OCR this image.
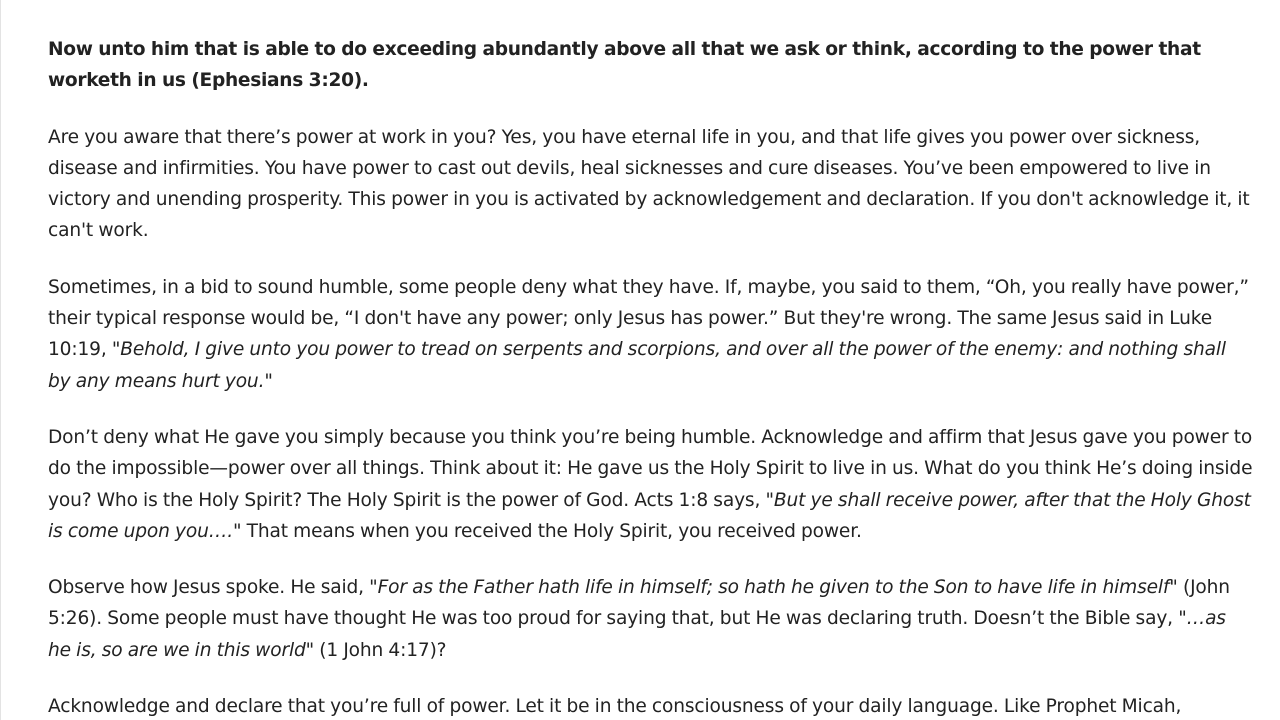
Now unto him that is able to do exceeding abundantly above all that we ask or think, according to the power that worketh in us (Ephesians 3:20).

Are you aware that there’s power at work in you? Yes, you have eternal life in you, and that life gives you power over sickness, disease and infirmities. You have power to cast out devils, heal sicknesses and cure diseases. You’ve been empowered to live in victory and unending prosperity. This power in you is activated by acknowledgement and declaration. If you don't acknowledge it, it can't work.

Sometimes, in a bid to sound humble, some people deny what they have. If, maybe, you said to them, “Oh, you really have power,” their typical response would be, “I don't have any power; only Jesus has power.” But they're wrong. The same Jesus said in Luke 10:19, "Behold, I give unto you power to tread on serpents and scorpions, and over all the power of the enemy: and nothing shall by any means hurt you."

Don’t deny what He gave you simply because you think you’re being humble. Acknowledge and affirm that Jesus gave you power to do the impossible—power over all things. Think about it: He gave us the Holy Spirit to live in us. What do you think He’s doing inside you? Who is the Holy Spirit? The Holy Spirit is the power of God. Acts 1:8 says, "But ye shall receive power, after that the Holy Ghost is come upon you…." That means when you received the Holy Spirit, you received power.

Observe how Jesus spoke. He said, "For as the Father hath life in himself; so hath he given to the Son to have life in himself" (John 5:26). Some people must have thought He was too proud for saying that, but He was declaring truth. Doesn’t the Bible say, "…as he is, so are we in this world" (1 John 4:17)?

Acknowledge and declare that you’re full of power. Let it be in the consciousness of your daily language. Like Prophet Micah,
